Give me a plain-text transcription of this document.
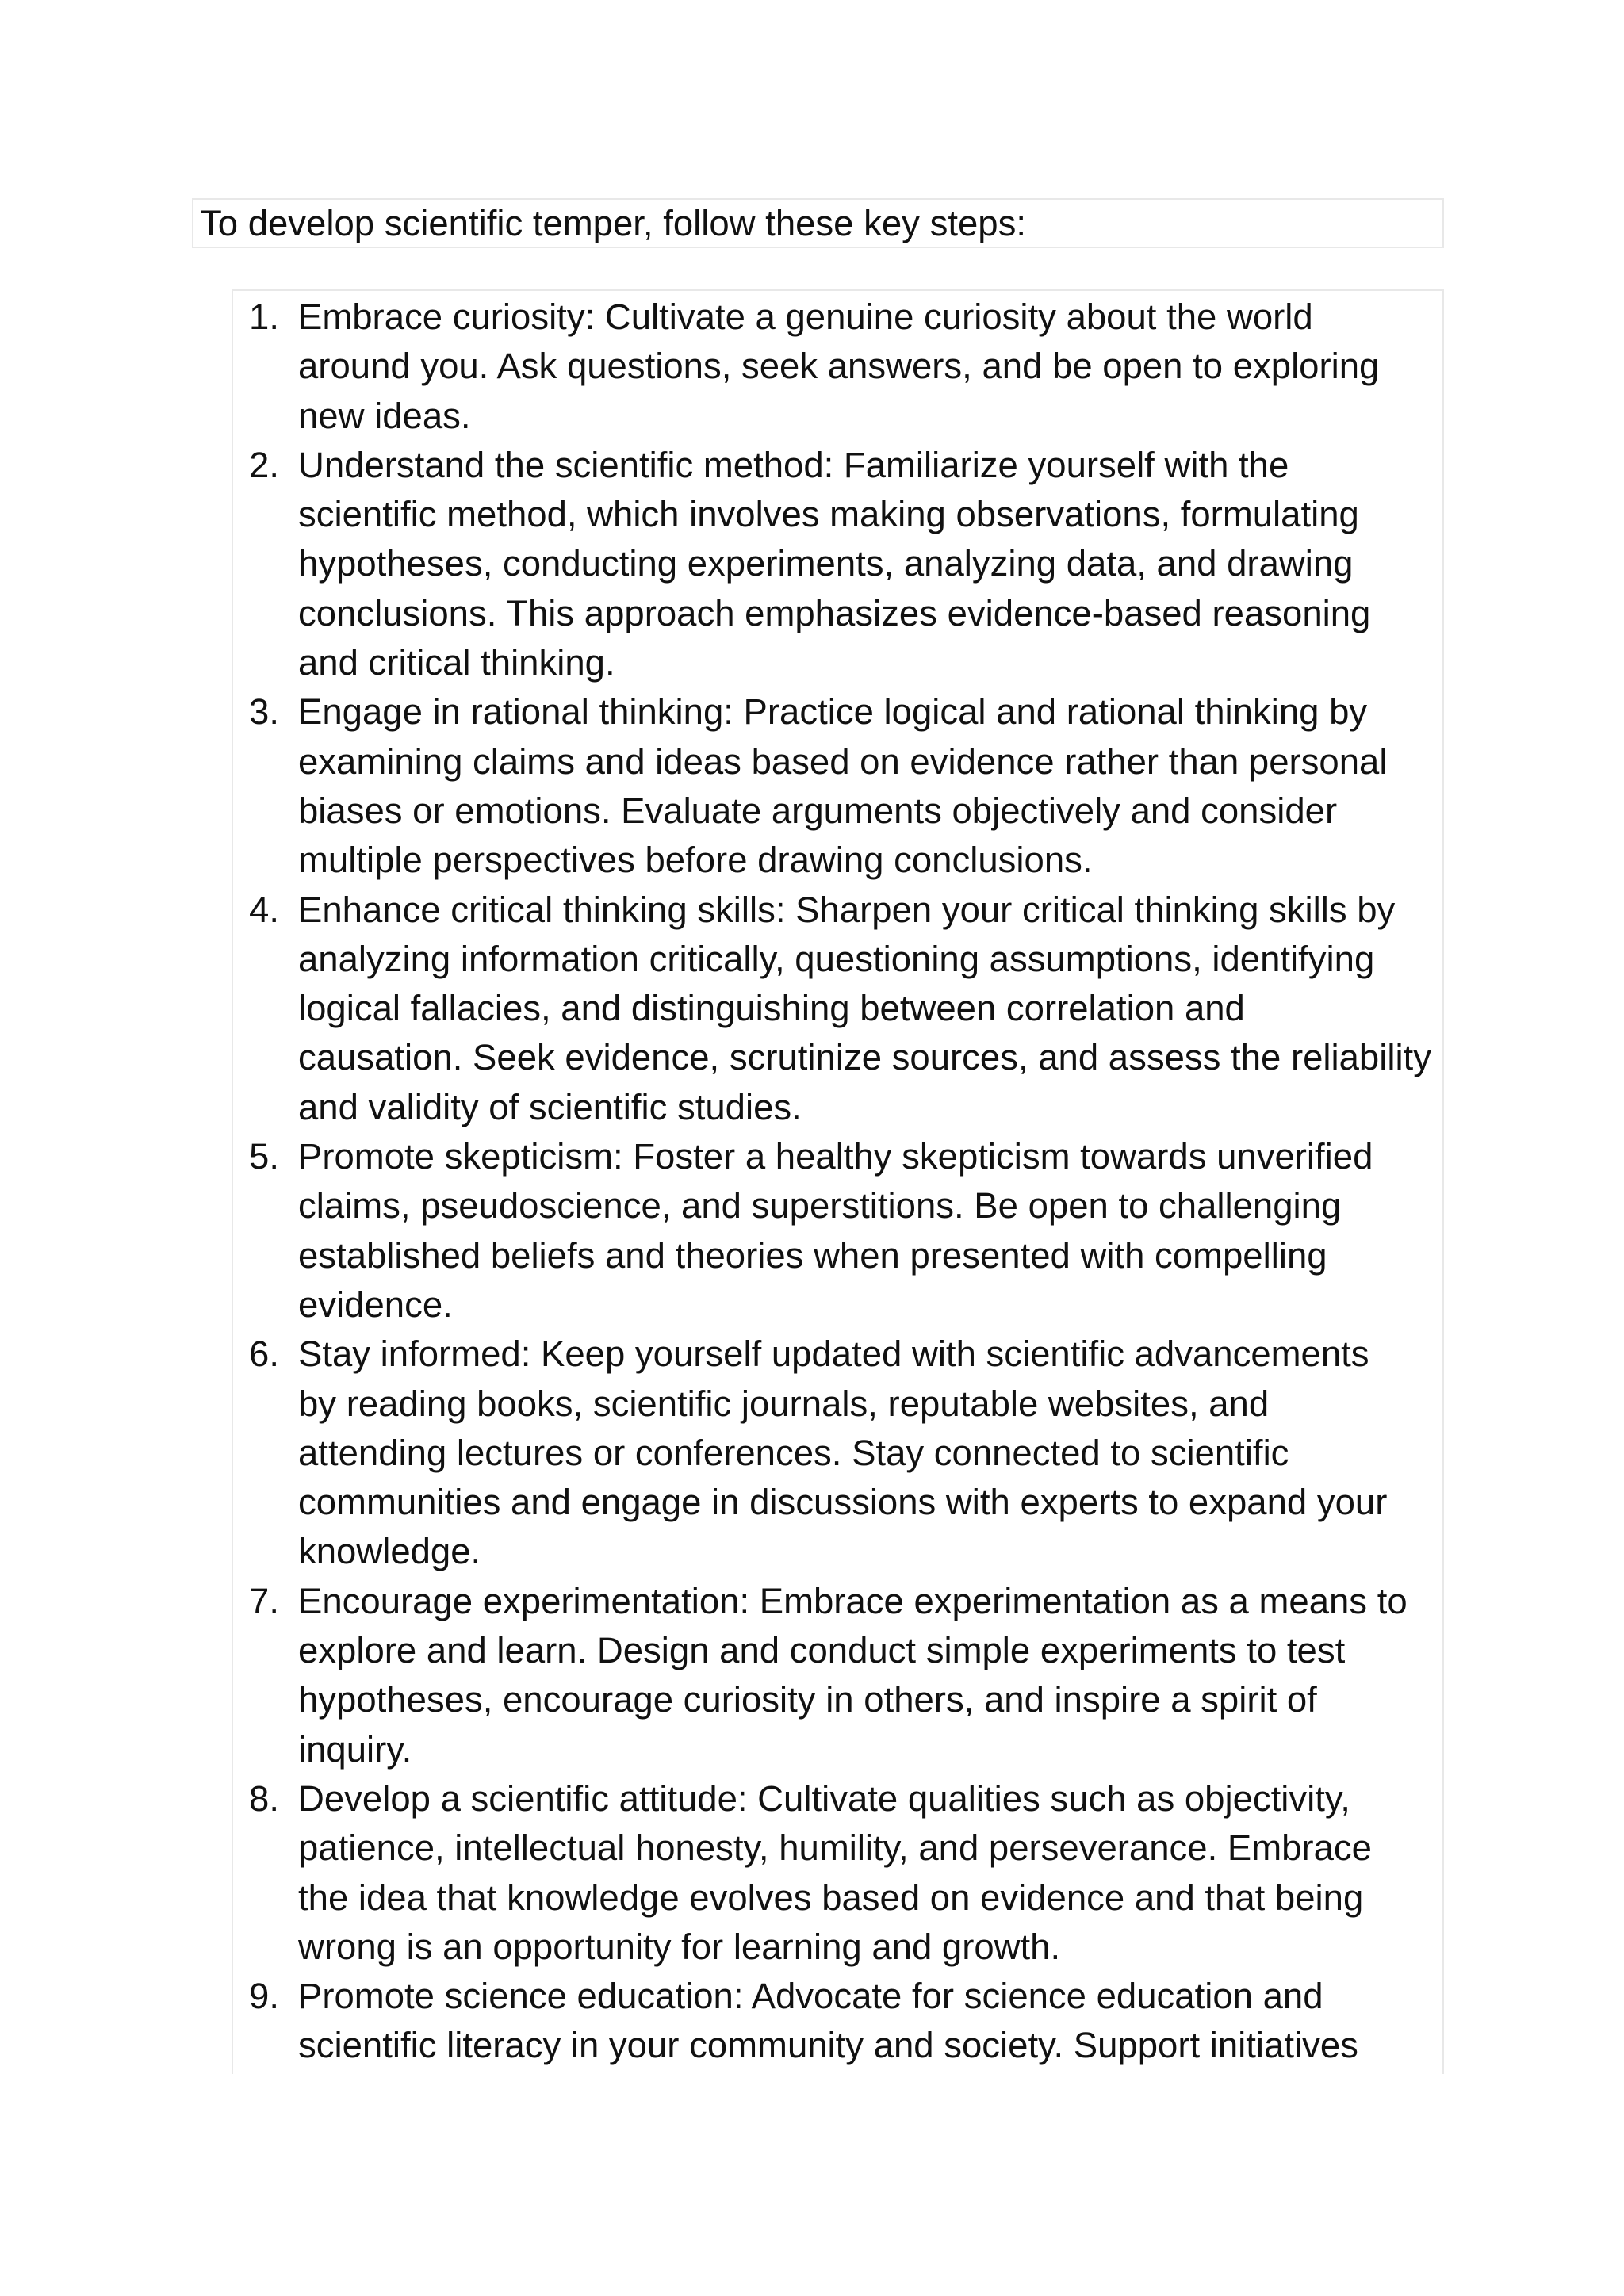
To develop scientific temper, follow these key steps:
1. Embrace curiosity: Cultivate a genuine curiosity about the world
around you. Ask questions, seek answers, and be open to exploring
new ideas.
2. Understand the scientific method: Familiarize yourself with the
scientific method, which involves making observations, formulating
hypotheses, conducting experiments, analyzing data, and drawing
conclusions. This approach emphasizes evidence-based reasoning
and critical thinking.
3. Engage in rational thinking: Practice logical and rational thinking by
examining claims and ideas based on evidence rather than personal
biases or emotions. Evaluate arguments objectively and consider
multiple perspectives before drawing conclusions.
4. Enhance critical thinking skills: Sharpen your critical thinking skills by
analyzing information critically, questioning assumptions, identifying
logical fallacies, and distinguishing between correlation and
causation. Seek evidence, scrutinize sources, and assess the reliability
and validity of scientific studies.
5. Promote skepticism: Foster a healthy skepticism towards unverified
claims, pseudoscience, and superstitions. Be open to challenging
established beliefs and theories when presented with compelling
evidence.
6. Stay informed: Keep yourself updated with scientific advancements
by reading books, scientific journals, reputable websites, and
attending lectures or conferences. Stay connected to scientific
communities and engage in discussions with experts to expand your
knowledge.
7. Encourage experimentation: Embrace experimentation as a means to
explore and learn. Design and conduct simple experiments to test
hypotheses, encourage curiosity in others, and inspire a spirit of
inquiry.
8. Develop a scientific attitude: Cultivate qualities such as objectivity,
patience, intellectual honesty, humility, and perseverance. Embrace
the idea that knowledge evolves based on evidence and that being
wrong is an opportunity for learning and growth.
9. Promote science education: Advocate for science education and
scientific literacy in your community and society. Support initiatives
